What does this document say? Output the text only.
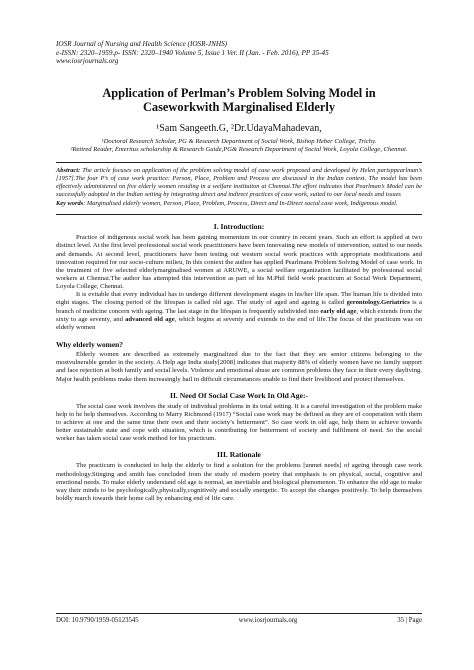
IOSR Journal of Nursing and Health Science (IOSR-JNHS)
e-ISSN: 2320–1959.p- ISSN: 2320–1940 Volume 5, Issue 1 Ver. II (Jan. - Feb. 2016), PP 35-45
www.iosrjournals.org
Application of Perlman’s Problem Solving Model in
Caseworkwith Marginalised Elderly
¹Sam Sangeeth.G, ²Dr.UdayaMahadevan,
¹Doctoral Research Scholar, PG & Research Department of Social Work, Bishop Heber College, Trichy.
²Retired Reader, Emeritus scholarship & Research Guide,PG& Research Department of Social Work, Loyola College, Chennai.
Abstract: The article focuses on application of the problem solving model of case work proposed and developed by Helen parisppearlman’s [1957].The four P’s of case work practice: Person, Place, Problem and Process are discussed in the Indian context. The model has been effectively administered on five elderly women residing in a welfare institution at Chennai.The effort indicates that Pearlman’s Model can be successfully adopted in the Indian setting by integrating direct and indirect practices of case work, suited to our local needs and issues
Key words: Marginalised elderly women, Person, Place, Problem, Process, Direct and In-Direct social case work, Indigenous model.
I. Introduction:

Practice of indigenous social work has been gaining momentum in our country in recent years. Such an effort is applied at two distinct level. At the first level professional social work practitioners have been innovating new models of intervention, suited to our needs and demands. At second level, practitioners have been testing out western social work practices with appropriate modifications and innovation required for our socio-culture milieu, In this context the author has applied Pearlmans Problem Solving Model of case work. In the treatment of five selected elderlymarginalised women at ARUWE, a social welfare organization facilitated by professional social workers at Chennai.The author has attempted this intervention as part of his M.Phil field work practicum at Social Work Department, Loyola College, Chennai.

It is evitable that every individual has to undergo different development stages in his/her life span. The human life is divided into eight stages. The closing period of the lifespan is called old age. The study of aged and ageing is called gerontology.Geriatrics is a branch of medicine concern with ageing. The last stage in the lifespan is frequently subdivided into early old age, which extends from the sixty to age seventy, and advanced old age, which begins at seventy and extends to the end of life.The focus of the practicum was on elderly women

Why elderly women?

Elderly women are described as extremely marginalized due to the fact that they are senior citizens belonging to the mostvulnerable gender in the society. A Help age India study[2008] indicates that majority 88% of elderly women have no family support and face rejection at both family and social levels. Violence and emotional abuse are common problems they face in their every dayliving. Major health problems make them increasingly hail in difficult circumstances unable to find their livelihood and protect themselves.

II. Need Of Social Case Work In Old Age:-

The social case work involves the study of individual problems in its total setting. It is a careful investigation of the problem make help to he help themselves. According to Marry Richmond (1917) “Social case work may be defined as they are of cooperation with them to achieve at one and the same time their own and their society’s betterment”. So case work in old age, help them to achieve towards better sustainable state and cope with situation, which is contributing for betterment of society and fulfilment of need. So the social worker has taken social case work method for his practicum.

III. Rationale

The practicum is conducted to help the elderly to find a solution for the problems [unmet needs] of ageing through case work methodology.Stinging and smith has concluded from the study of modern poetry that emphasis is on physical, social, cognitive and emotional needs. To make elderly understand old age is normal, an inevitable and biological phenomenon. To enhance the old age to make way their minds to be psychologically,physically,cognitively and socially energetic. To accept the changes positively. To help themselves boldly march towards their home call by enhancing end of life care.

DOI: 10.9790/1959-05123545	www.iosrjournals.org	35 | Page
